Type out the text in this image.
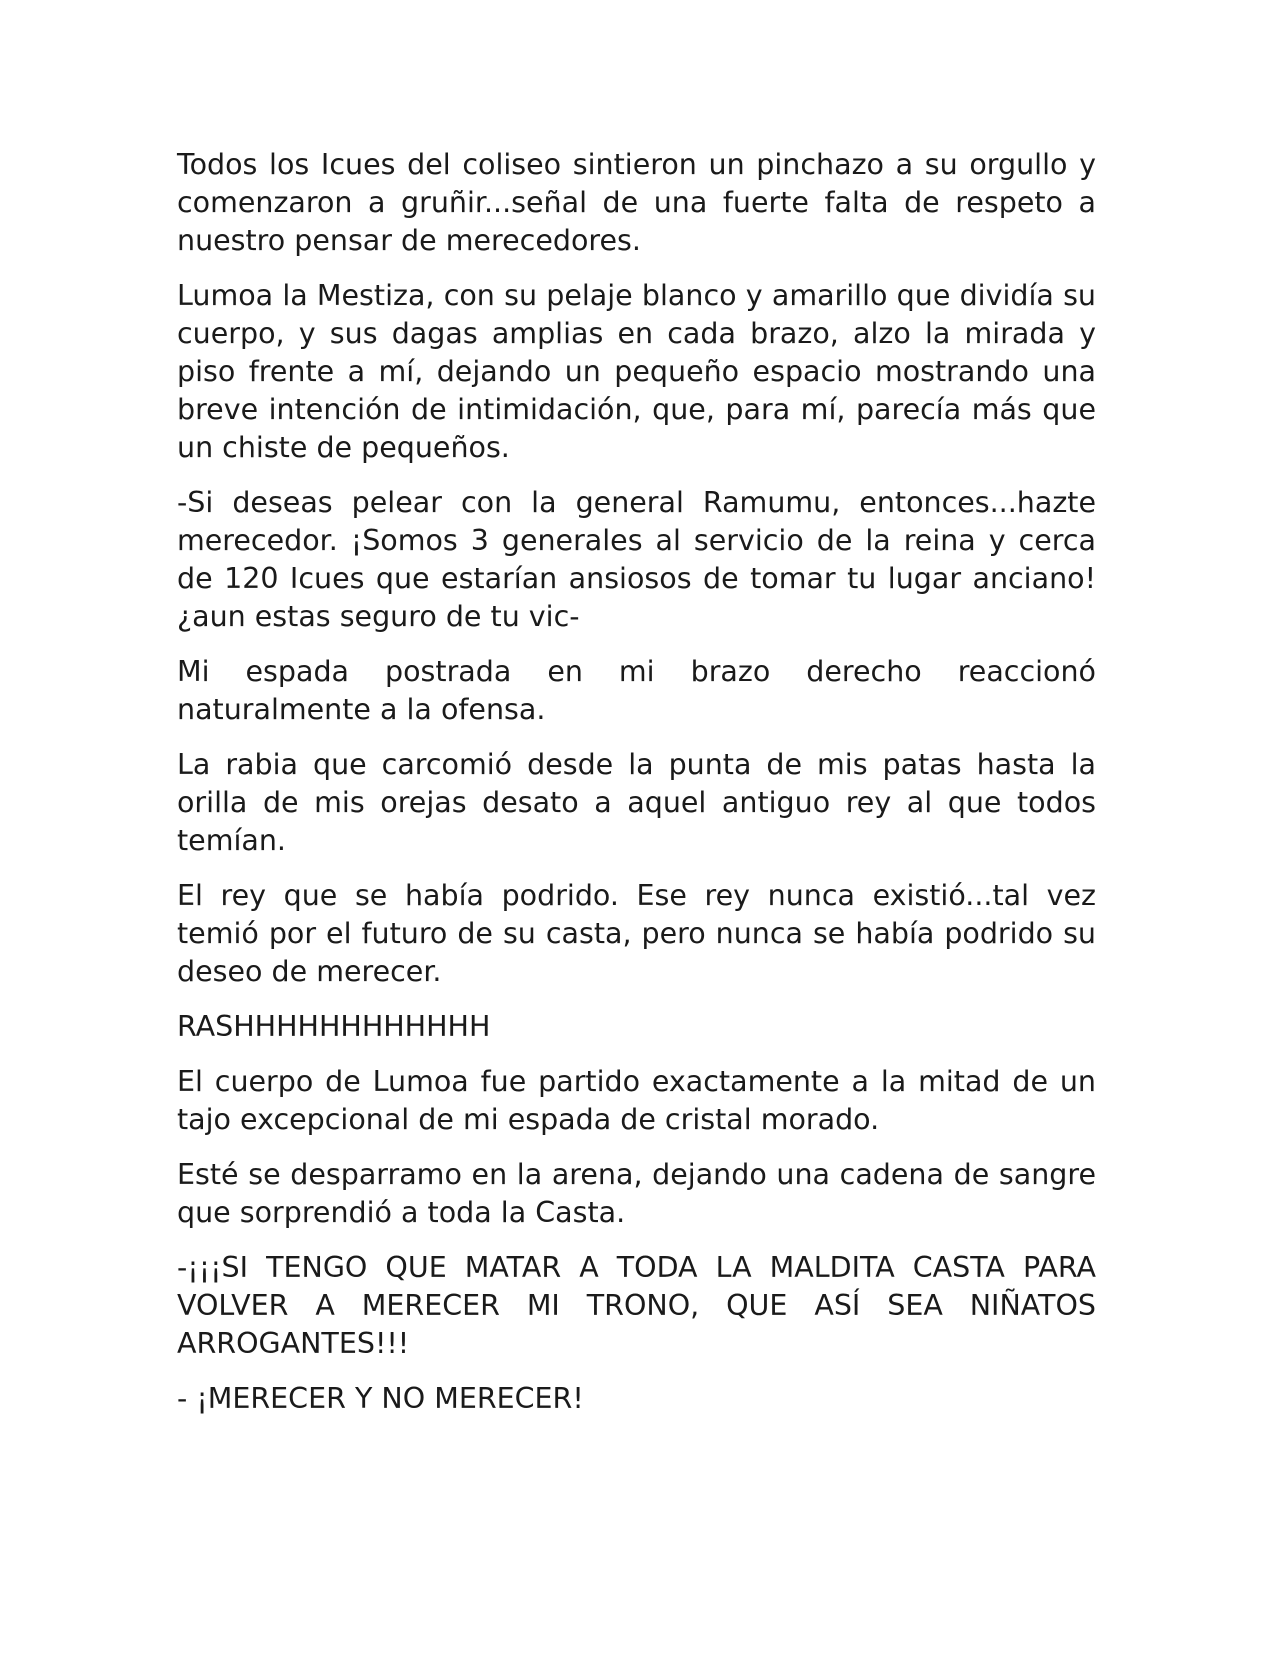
Todos los Icues del coliseo sintieron un pinchazo a su orgullo y comenzaron a gruñir...señal de una fuerte falta de respeto a nuestro pensar de merecedores.

Lumoa la Mestiza, con su pelaje blanco y amarillo que dividía su cuerpo, y sus dagas amplias en cada brazo, alzo la mirada y piso frente a mí, dejando un pequeño espacio mostrando una breve intención de intimidación, que, para mí, parecía más que un chiste de pequeños.

-Si deseas pelear con la general Ramumu, entonces...hazte merecedor. ¡Somos 3 generales al servicio de la reina y cerca de 120 Icues que estarían ansiosos de tomar tu lugar anciano! ¿aun estas seguro de tu vic-

Mi espada postrada en mi brazo derecho reaccionó naturalmente a la ofensa.

La rabia que carcomió desde la punta de mis patas hasta la orilla de mis orejas desato a aquel antiguo rey al que todos temían.

El rey que se había podrido. Ese rey nunca existió...tal vez temió por el futuro de su casta, pero nunca se había podrido su deseo de merecer.

RASHHHHHHHHHHHH

El cuerpo de Lumoa fue partido exactamente a la mitad de un tajo excepcional de mi espada de cristal morado.

Esté se desparramo en la arena, dejando una cadena de sangre que sorprendió a toda la Casta.

-¡¡¡SI TENGO QUE MATAR A TODA LA MALDITA CASTA PARA VOLVER A MERECER MI TRONO, QUE ASÍ SEA NIÑATOS ARROGANTES!!!

- ¡MERECER Y NO MERECER!
